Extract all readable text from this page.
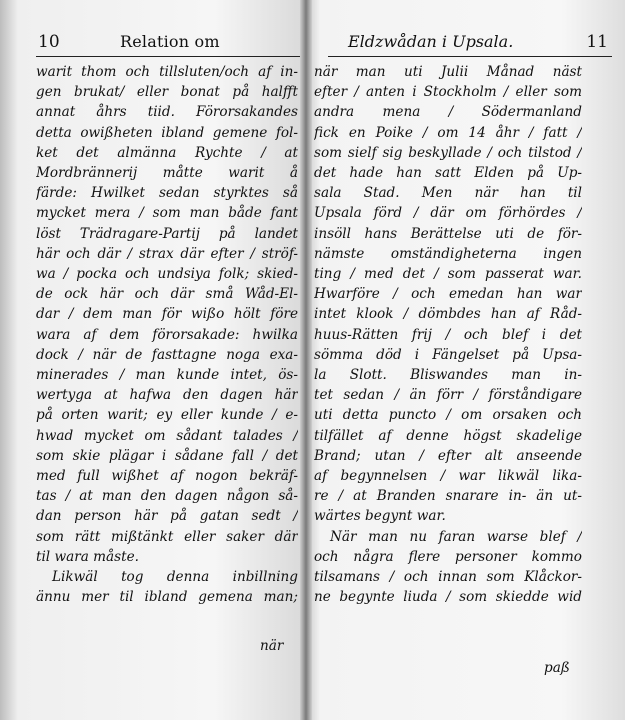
10	Relation om
warit thom och tillsluten/och af in-
gen brukat/ eller bonat på halfft
annat åhrs tiid. Förorsakandes
detta owißheten ibland gemene fol-
ket det almänna Rychte / at
Mordbrännerij måtte warit å
färde: Hwilket sedan styrktes så
mycket mera / som man både fant
löst Trädragare-Partij på landet
här och där / strax där efter / ströf-
wa / pocka och undsiya folk; skied-
de ock här och där små Wåd-El-
dar / dem man för wißo hölt före
wara af dem förorsakade: hwilka
dock / när de fasttagne noga exa-
minerades / man kunde intet, ös-
wertyga at hafwa den dagen här
på orten warit; ey eller kunde / e-
hwad mycket om sådant talades /
som skie plägar i sådane fall / det
med full wißhet af nogon bekräf-
tas / at man den dagen någon så-
dan person här på gatan sedt /
som rätt mißtänkt eller saker där
til wara måste.
Likwäl tog denna inbillning
ännu mer til ibland gemena man;
när
Eldzwådan i Upsala.	11
när man uti Julii Månad näst
efter / anten i Stockholm / eller som
andra mena / Södermanland
fick en Poike / om 14 åhr / fatt /
som sielf sig beskyllade / och tilstod /
det hade han satt Elden på Up-
sala Stad. Men när han til
Upsala förd / där om förhördes /
insöll hans Berättelse uti de för-
nämste omständigheterna ingen
ting / med det / som passerat war.
Hwarföre / och emedan han war
intet klook / dömbdes han af Råd-
huus-Rätten frij / och blef i det
sömma död i Fängelset på Upsa-
la Slott. Bliswandes man in-
tet sedan / än förr / förståndigare
uti detta puncto / om orsaken och
tilfället af denne högst skadelige
Brand; utan / efter alt anseende
af begynnelsen / war likwäl lika-
re / at Branden snarare in- än ut-
wärtes begynt war.
När man nu faran warse blef /
och några flere personer kommo
tilsamans / och innan som Klåckor-
ne begynte liuda / som skiedde wid
paß
